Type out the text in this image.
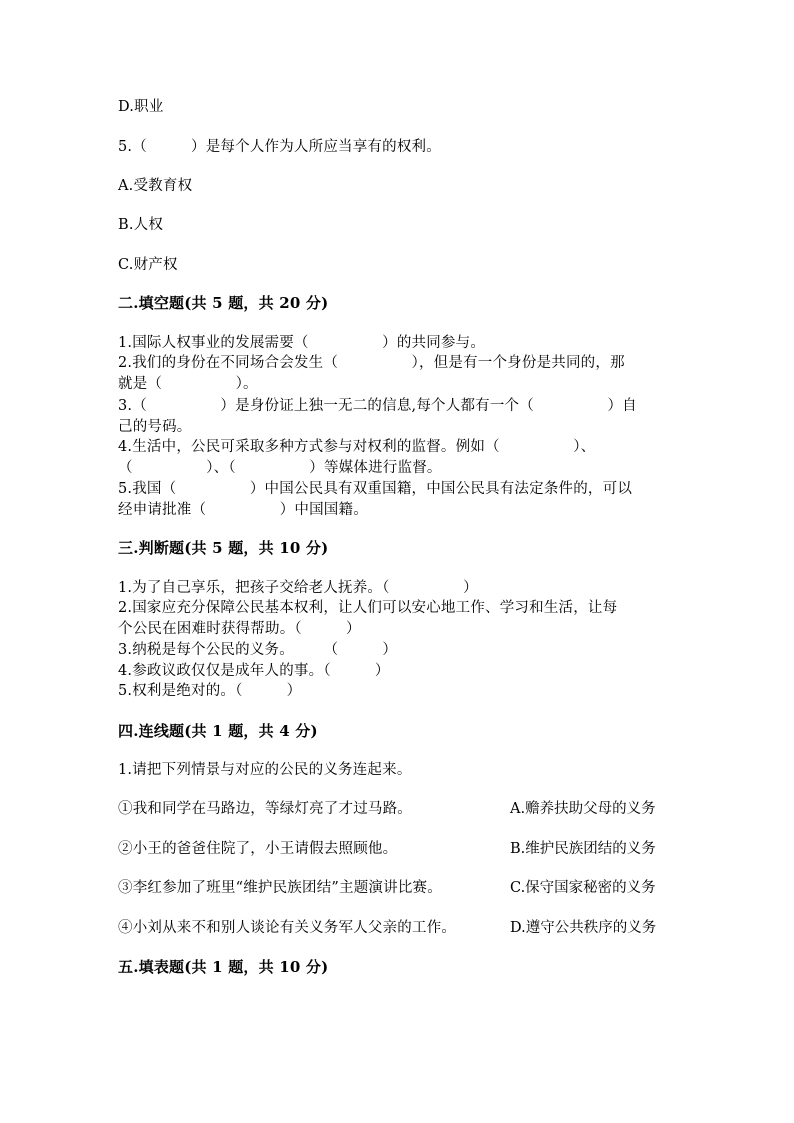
D.职业
5.（　　　）是每个人作为人所应当享有的权利。
A.受教育权
B.人权
C.财产权
二.填空题(共 5 题，共 20 分)
1.国际人权事业的发展需要（　　　　　）的共同参与。
2.我们的身份在不同场合会发生（　　　　　），但是有一个身份是共同的，那
就是（　　　　　）。
3.（　　　　　）是身份证上独一无二的信息,每个人都有一个（　　　　　）自
己的号码。
4.生活中，公民可采取多种方式参与对权利的监督。例如（　　　　　）、
（　　　　　）、（　　　　　）等媒体进行监督。
5.我国（　　　　　）中国公民具有双重国籍，中国公民具有法定条件的，可以
经申请批准（　　　　　）中国国籍。
三.判断题(共 5 题，共 10 分)
1.为了自己享乐，把孩子交给老人抚养。（　　　　　）
2.国家应充分保障公民基本权利，让人们可以安心地工作、学习和生活，让每
个公民在困难时获得帮助。（　　　）
3.纳税是每个公民的义务。　　　（　　　）
4.参政议政仅仅是成年人的事。（　　　）
5.权利是绝对的。（　　　）
四.连线题(共 1 题，共 4 分)
1.请把下列情景与对应的公民的义务连起来。
①我和同学在马路边，等绿灯亮了才过马路。	A.赡养扶助父母的义务
②小王的爸爸住院了，小王请假去照顾他。	B.维护民族团结的义务
③李红参加了班里“维护民族团结”主题演讲比赛。	C.保守国家秘密的义务
④小刘从来不和别人谈论有关义务军人父亲的工作。	D.遵守公共秩序的义务
五.填表题(共 1 题，共 10 分)
